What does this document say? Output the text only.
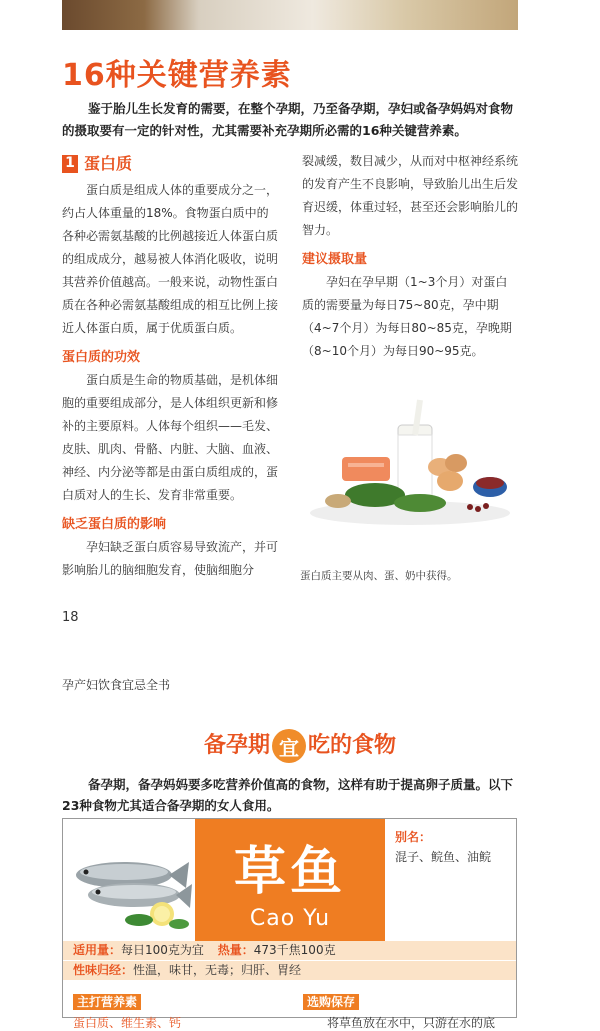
16种关键营养素
鉴于胎儿生长发育的需要，在整个孕期，乃至备孕期，孕妇或备孕妈妈对食物的摄取要有一定的针对性，尤其需要补充孕期所必需的16种关键营养素。
1 蛋白质

蛋白质是组成人体的重要成分之一，约占人体重量的18%。食物蛋白质中的各种必需氨基酸的比例越接近人体蛋白质的组成成分，越易被人体消化吸收，说明其营养价值越高。一般来说，动物性蛋白质在各种必需氨基酸组成的相互比例上接近人体蛋白质，属于优质蛋白质。

蛋白质的功效

蛋白质是生命的物质基础，是机体细胞的重要组成部分，是人体组织更新和修补的主要原料。人体每个组织——毛发、皮肤、肌肉、骨骼、内脏、大脑、血液、神经、内分泌等都是由蛋白质组成的，蛋白质对人的生长、发育非常重要。

缺乏蛋白质的影响

孕妇缺乏蛋白质容易导致流产，并可影响胎儿的脑细胞发育，使脑细胞分

裂减缓，数目减少，从而对中枢神经系统的发育产生不良影响，导致胎儿出生后发育迟缓，体重过轻，甚至还会影响胎儿的智力。

建议摄取量

孕妇在孕早期（1~3个月）对蛋白质的需要量为每日75~80克，孕中期（4~7个月）为每日80~85克，孕晚期（8~10个月）为每日90~95克。

蛋白质主要从肉、蛋、奶中获得。
18
孕产妇饮食宜忌全书
备孕期 宜 吃的食物
备孕期，备孕妈妈要多吃营养价值高的食物，这样有助于提高卵子质量。以下23种食物尤其适合备孕期的女人食用。
草鱼
Cao Yu
别名：
混子、鲩鱼、油鲩
适用量：每日100克为宜 热量：473千焦100克
性味归经：性温，味甘，无毒；归肝、胃经
主打营养素
蛋白质、维生素、钙
选购保存
将草鱼放在水中，只游在水的底
